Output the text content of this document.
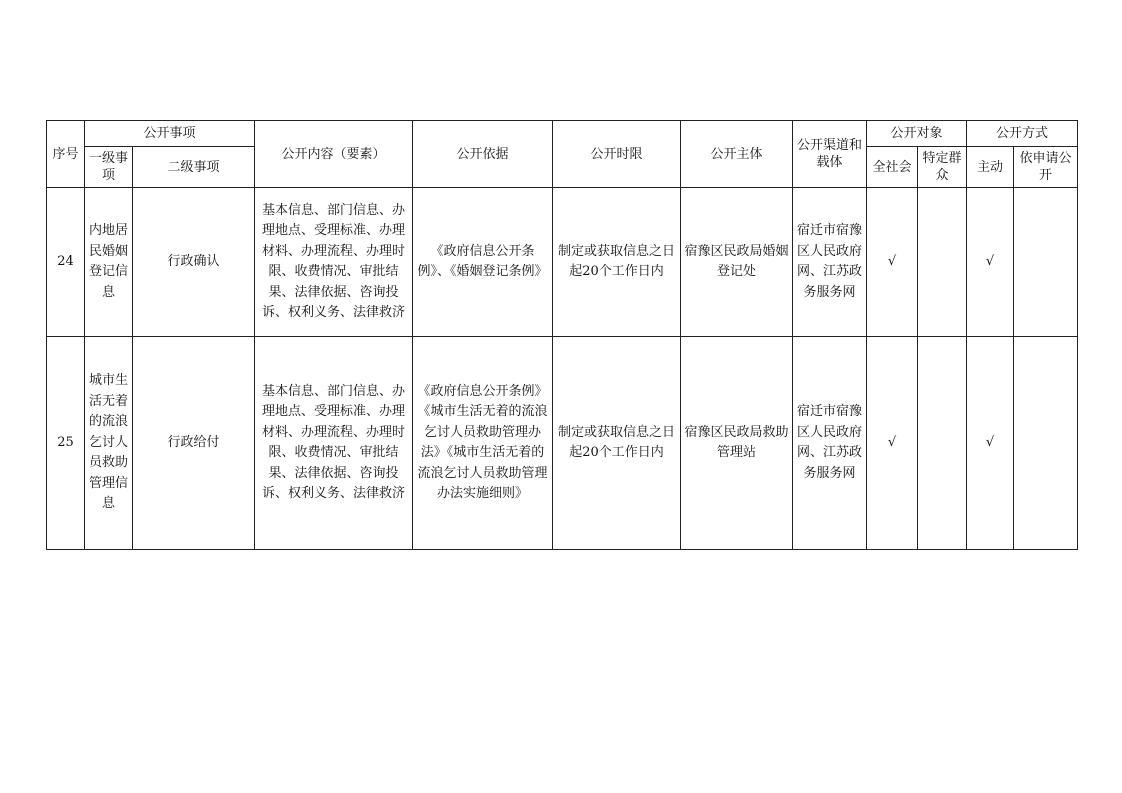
序号	公开事项		公开内容（要素）	公开依据	公开时限	公开主体	公开渠道和载体	公开对象		公开方式	
	一级事项	二级事项						全社会	特定群众	主动	依申请公开
24	内地居民婚姻登记信息	行政确认	基本信息、部门信息、办理地点、受理标准、办理材料、办理流程、办理时限、收费情况、审批结果、法律依据、咨询投诉、权利义务、法律救济	《政府信息公开条例》、《婚姻登记条例》	制定或获取信息之日起20个工作日内	宿豫区民政局婚姻登记处	宿迁市宿豫区人民政府网、江苏政务服务网	√		√	
25	城市生活无着的流浪乞讨人员救助管理信息	行政给付	基本信息、部门信息、办理地点、受理标准、办理材料、办理流程、办理时限、收费情况、审批结果、法律依据、咨询投诉、权利义务、法律救济	《政府信息公开条例》《城市生活无着的流浪乞讨人员救助管理办法》《城市生活无着的流浪乞讨人员救助管理办法实施细则》	制定或获取信息之日起20个工作日内	宿豫区民政局救助管理站	宿迁市宿豫区人民政府网、江苏政务服务网	√		√	
